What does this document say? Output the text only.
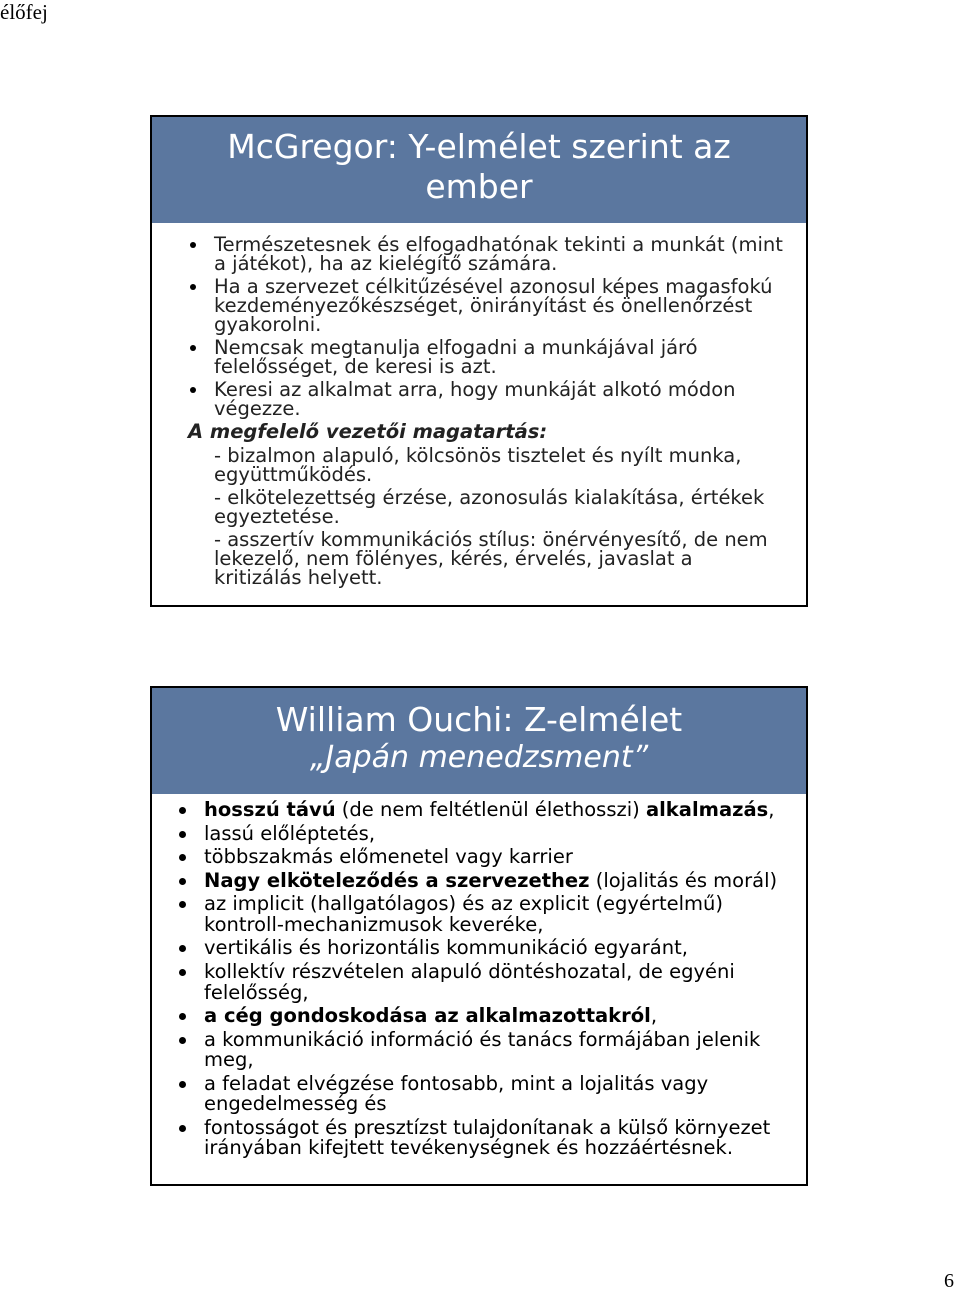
élőfej
McGregor: Y-elmélet szerint az ember
Természetesnek és elfogadhatónak tekinti a munkát (mint a játékot), ha az kielégítő számára.
Ha a szervezet célkitűzésével azonosul képes magasfokú kezdeményezőkészséget, önirányítást és önellenőrzést gyakorolni.
Nemcsak megtanulja elfogadni a munkájával járó felelősséget, de keresi is azt.
Keresi az alkalmat arra, hogy munkáját alkotó módon végezze.
A megfelelő vezetői magatartás:
- bizalmon alapuló, kölcsönös tisztelet és nyílt munka, együttműködés.
- elkötelezettség érzése, azonosulás kialakítása, értékek egyeztetése.
- asszertív kommunikációs stílus: önérvényesítő, de nem lekezelő, nem fölényes, kérés, érvelés, javaslat a kritizálás helyett.
William Ouchi: Z-elmélet
„Japán menedzsment”
hosszú távú (de nem feltétlenül élethosszi) alkalmazás,
lassú előléptetés,
többszakmás előmenetel vagy karrier
Nagy elköteleződés a szervezethez (lojalitás és morál)
az implicit (hallgatólagos) és az explicit (egyértelmű) kontroll-mechanizmusok keveréke,
vertikális és horizontális kommunikáció egyaránt,
kollektív részvételen alapuló döntéshozatal, de egyéni felelősség,
a cég gondoskodása az alkalmazottakról,
a kommunikáció információ és tanács formájában jelenik meg,
a feladat elvégzése fontosabb, mint a lojalitás vagy engedelmesség és
fontosságot és presztízst tulajdonítanak a külső környezet irányában kifejtett tevékenységnek és hozzáértésnek.
6
